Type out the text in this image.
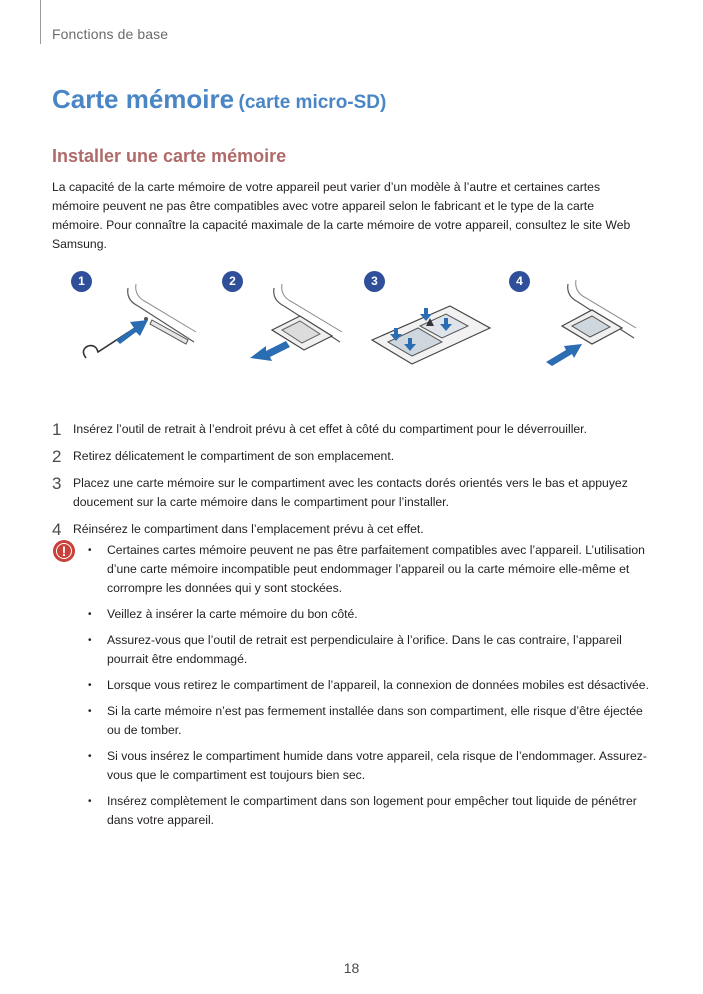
Fonctions de base
Carte mémoire (carte micro-SD)
Installer une carte mémoire

La capacité de la carte mémoire de votre appareil peut varier d’un modèle à l’autre et certaines cartes mémoire peuvent ne pas être compatibles avec votre appareil selon le fabricant et le type de la carte mémoire. Pour connaître la capacité maximale de la carte mémoire de votre appareil, consultez le site Web Samsung.

1	2	3	4
1 Insérez l’outil de retrait à l’endroit prévu à cet effet à côté du compartiment pour le déverrouiller.
2 Retirez délicatement le compartiment de son emplacement.
3 Placez une carte mémoire sur le compartiment avec les contacts dorés orientés vers le bas et appuyez doucement sur la carte mémoire dans le compartiment pour l’installer.
4 Réinsérez le compartiment dans l’emplacement prévu à cet effet.
!
• Certaines cartes mémoire peuvent ne pas être parfaitement compatibles avec l’appareil. L’utilisation d’une carte mémoire incompatible peut endommager l’appareil ou la carte mémoire elle-même et corrompre les données qui y sont stockées.
• Veillez à insérer la carte mémoire du bon côté.
• Assurez-vous que l’outil de retrait est perpendiculaire à l’orifice. Dans le cas contraire, l’appareil pourrait être endommagé.
• Lorsque vous retirez le compartiment de l’appareil, la connexion de données mobiles est désactivée.
• Si la carte mémoire n’est pas fermement installée dans son compartiment, elle risque d’être éjectée ou de tomber.
• Si vous insérez le compartiment humide dans votre appareil, cela risque de l’endommager. Assurez-vous que le compartiment est toujours bien sec.
• Insérez complètement le compartiment dans son logement pour empêcher tout liquide de pénétrer dans votre appareil.
18
